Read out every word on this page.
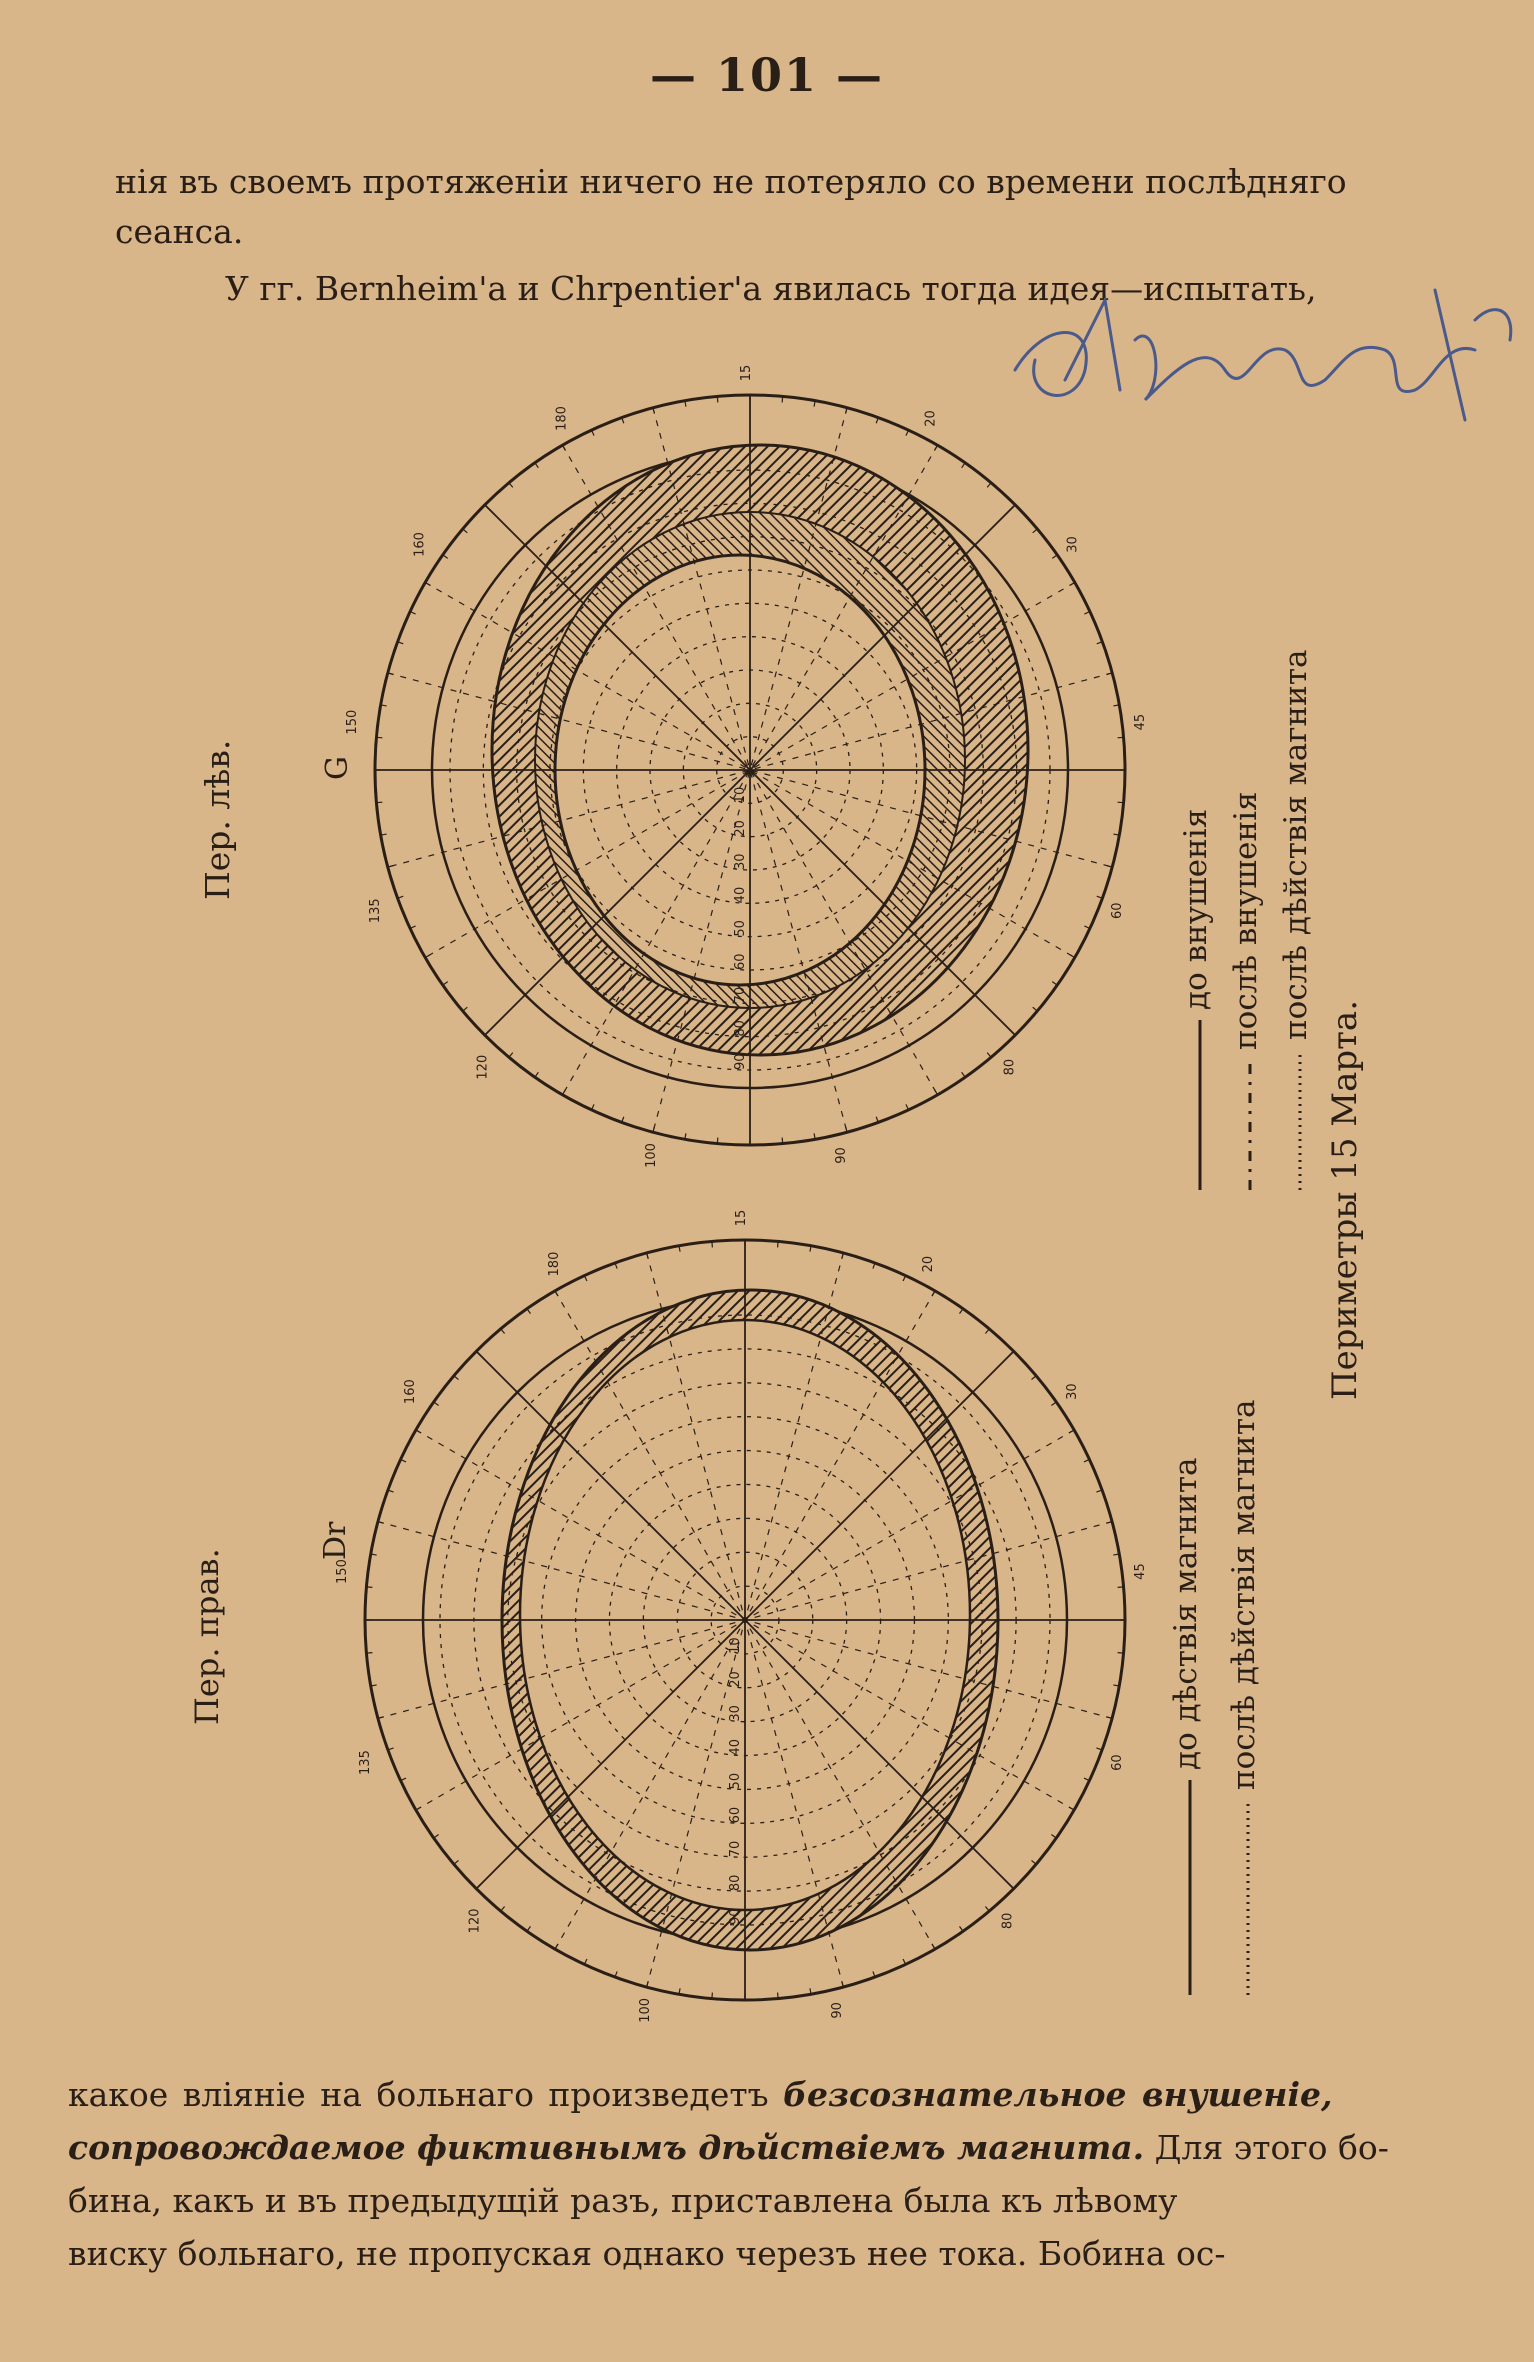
— 101 —
нія въ своемъ протяженіи ничего не потеряло со времени послѣдняго
сеанса.
У гг. Bernheim'а и Chrpentier'а явилась тогда идея—испытать,
10
20
30
40
50
60
70
80
90
15
20
30
45
60
80
90
100
120
135
150
160
180
10
20
30
40
50
60
70
80
90
15
20
30
45
60
80
90
100
120
135
150
160
180
Пер. лѣв.	G
Пер. прав.
Dr
до внушенія послѣ внушенія послѣ дѣйствія магнита
до дѣствія магнита послѣ дѣйствія магнита
Периметры 15 Марта.
какое вліяніе на больнаго произведетъ безсознательное внушеніе,
сопровождаемое фиктивнымъ дѣйствіемъ магнита. Для этого бо-
бина, какъ и въ предыдущій разъ, приставлена была къ лѣвому
виску больнаго, не пропуская однако черезъ нее тока. Бобина ос-
